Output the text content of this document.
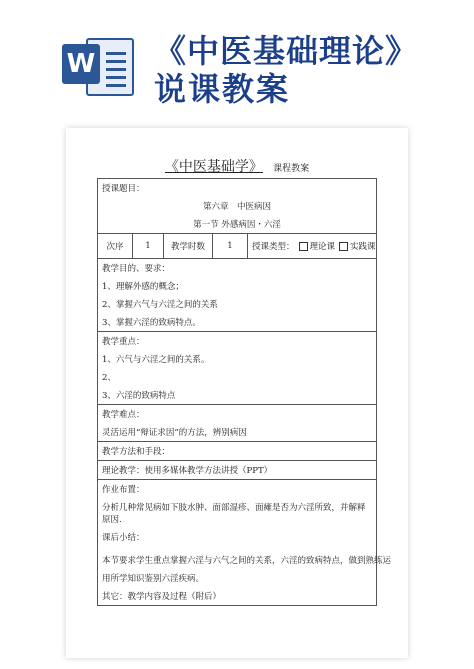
W 《中医基础理论》
说课教案
《中医基础学》 课程教案
授课题目：
第六章　中医病因
第一节 外感病因・六淫
次序	1	教学时数	1	授课类型： 理论课 实践课
教学目的、要求：
1、理解外感的概念；
2、掌握六气与六淫之间的关系
3、掌握六淫的致病特点。
教学重点：
1、六气与六淫之间的关系。
2、
3、六淫的致病特点
教学难点：
灵活运用“辩证求因”的方法，辨别病因
教学方法和手段：
理论教学：使用多媒体教学方法讲授（PPT）
作业布置：
分析几种常见病如下肢水肿、面部湿疹、面瘫是否为六淫所致，并解释原因.
课后小结：
本节要求学生重点掌握六淫与六气之间的关系，六淫的致病特点，做到熟练运
用所学知识鉴别六淫疾病。
其它：教学内容及过程（附后）
